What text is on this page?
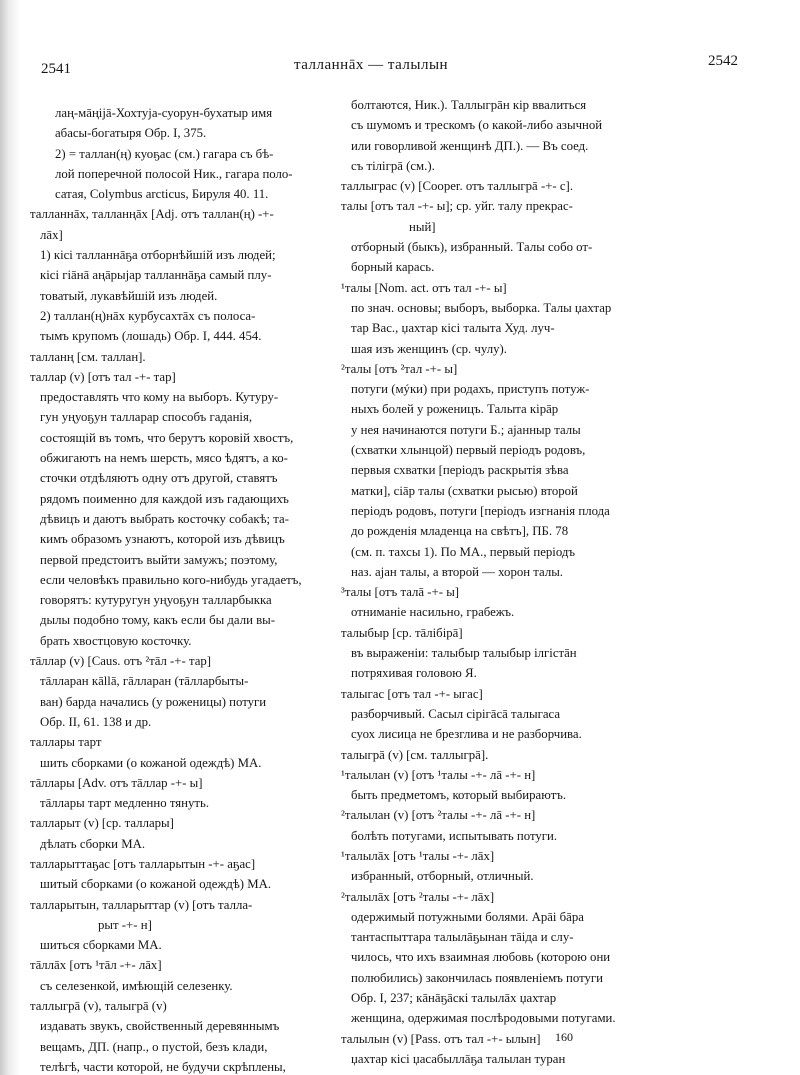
2541	талланнāх — талылын	2542

лаң-мāңiјā-Хохтуја-суорун-бухатыр имя

абасы-богатыря Обр. I, 375.

2) = таллан(ң) куоҕас (см.) гагара съ бѣ-

лой поперечной полосой Ник., гагара поло-

сатая, Colymbus arcticus, Бируля 40. 11.

талланнāх, талланңāх [Adj. отъ таллан(ң) -+-

лāх]

1) кiсi талланнāҕа отборнѣйшiй изъ людей;

кiсi гiāнā аңāрыјар талланнāҕа самый плу-

товатый, лукавѣйшiй изъ людей.

2) таллан(ң)нāх курбусахтāх съ полоса-

тымъ крупомъ (лошадь) Обр. I, 444. 454.

талланң [см. таллан].

таллар (v) [отъ тал -+- тар]

предоставлять что кому на выборъ. Кутуру-

гун уңуоҕун таллараp способъ гаданiя,

состоящiй въ томъ, что берутъ коровiй хвостъ,

обжигаютъ на немъ шерсть, мясо ѣдятъ, а ко-

сточки отдѣляютъ одну отъ другой, ставятъ

рядомъ поименно для каждой изъ гадающихъ

дѣвицъ и даютъ выбрать косточку собакѣ; та-

кимъ образомъ узнаютъ, которой изъ дѣвицъ

первой предстоитъ выйти замужъ; поэтому,

если человѣкъ правильно кого-нибудь угадаетъ,

говорятъ: кутуругун уңуоҕун талларбыкка

дылы подобно тому, какъ если бы дали вы-

брать хвостцовую косточку.

тāллар (v) [Caus. отъ ²тāл -+- тар]

тāлларан кāllā, гāлларан (тāлларбыты-

ван) барда начались (у роженицы) потуги

Обр. II, 61. 138 и др.

таллары тарт

шить сборками (о кожаной одеждѣ) МА.

тāллары [Adv. отъ тāллар -+- ы]

тāллары тарт медленно тянуть.

талларыт (v) [ср. таллары]

дѣлать сборки МА.

талларыттаҕас [отъ талларытын -+- аҕас]

шитый сборками (о кожаной одеждѣ) МА.

талларытын, талларыттар (v) [отъ талла-

рыт -+- н]

шиться сборками МА.

тāллāх [отъ ¹тāл -+- лāх]

съ селезенкой, имѣющiй селезенку.

таллыгрā (v), талыгрā (v)

издавать звукъ, свойственный деревяннымъ

вещамъ, ДП. (напр., о пустой, безъ клади,

телѣгѣ, части которой, не будучи скрѣплены,

болтаются, Ник.). Таллыгрāн кiр ввалиться

съ шумомъ и трескомъ (о какой-либо азычной

или говорливой женщинѣ ДП.). — Въ соед.

съ тiлiгрā (см.).

таллыграс (v) [Cooper. отъ таллыгрā -+- с].

талы [отъ тал -+- ы]; ср. уйг. талу прекрас-

ный]

отборный (быкъ), избранный. Талы собо от-

борный карась.

¹талы [Nom. act. отъ тал -+- ы]

по знач. основы; выборъ, выборка. Талы џахтар

тар Вас., џахтар кiсi талыта Худ. луч-

шая изъ женщинъ (ср. чулу).

²талы [отъ ²тал -+- ы]

потуги (мýки) при родахъ, приступъ потуж-

ныхъ болей у роженицъ. Талыта кiрāр

у нея начинаются потуги Б.; аjанныр талы

(схватки хлынцой) первый перiодъ родовъ,

первыя схватки [перiодъ раскрытiя зѣва

матки], сiāр талы (схватки рысью) второй

перiодъ родовъ, потуги [перiодъ изгнанiя плода

до рожденiя младенца на свѣтъ], ПБ. 78

(см. п. тахсы 1). По МА., первый перiодъ

наз. аjан талы, а второй — хорон талы.

³талы [отъ талā -+- ы]

отниманiе насильно, грабежъ.

талыбыр [ср. тāлiбiрā]

въ выраженiи: талыбыр талыбыр iлгiстāн

потряхивая головою Я.

талыгас [отъ тал -+- ыгас]

разборчивый. Сасыл сiрiгāсā талыгаса

суох лисица не брезглива и не разборчива.

талыгрā (v) [см. таллыгрā].

¹талылан (v) [отъ ¹талы -+- лā -+- н]

быть предметомъ, который выбираютъ.

²талылан (v) [отъ ²талы -+- лā -+- н]

болѣть потугами, испытывать потуги.

¹талылāх [отъ ¹талы -+- лāх]

избранный, отборный, отличный.

²талылāх [отъ ²талы -+- лāх]

одержимый потужными болями. Арāi бāра

тантаспыттара талылāҕынан тāiда и слу-

чилось, что ихъ взаимная любовь (которою они

полюбились) закончилась появленiемъ потуги

Обр. I, 237; кāнāҕāскi талылāх џахтар

женщина, одержимая послѣродовыми потугами.

талылын (v) [Pass. отъ тал -+- ылын]

џахтар кiсi џасабыллāҕа талылан туран

160
